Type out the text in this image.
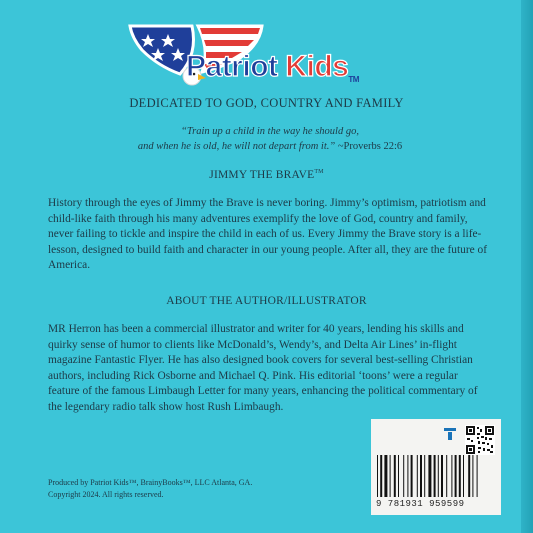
Patriot KidsTM
DEDICATED TO GOD, COUNTRY AND FAMILY
“Train up a child in the way he should go,
and when he is old, he will not depart from it.” ~Proverbs 22:6
JIMMY THE BRAVE™
History through the eyes of Jimmy the Brave is never boring. Jimmy’s optimism, patriotism and child-like faith through his many adventures exemplify the love of God, country and family, never failing to tickle and inspire the child in each of us. Every Jimmy the Brave story is a life-lesson, designed to build faith and character in our young people. After all, they are the future of America.
ABOUT THE AUTHOR/ILLUSTRATOR
MR Herron has been a commercial illustrator and writer for 40 years, lending his skills and quirky sense of humor to clients like McDonald’s, Wendy’s, and Delta Air Lines’ in-flight magazine Fantastic Flyer. He has also designed book covers for several best-selling Christian authors, including Rick Osborne and Michael Q. Pink. His editorial ‘toons’ were a regular feature of the famous Limbaugh Letter for many years, enhancing the political commentary of the legendary radio talk show host Rush Limbaugh.
Produced by Patriot Kids™, BrainyBooks™, LLC Atlanta, GA.
Copyright 2024. All rights reserved.
9 781931 959599
